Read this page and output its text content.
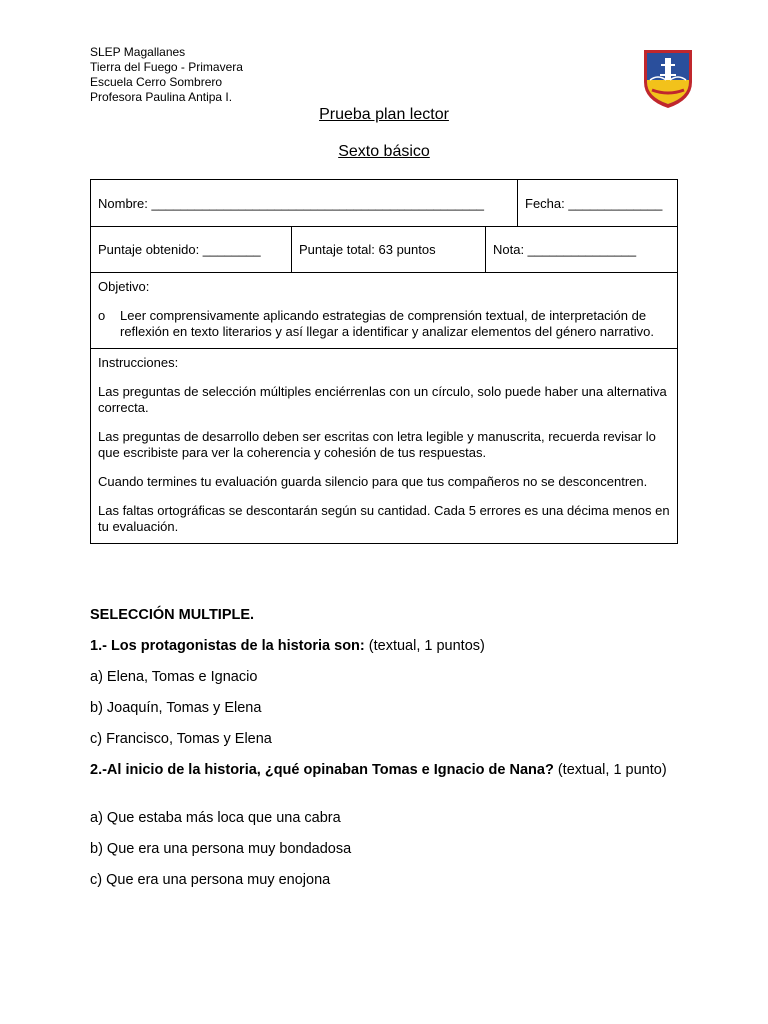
SLEP Magallanes
Tierra del Fuego - Primavera
Escuela Cerro Sombrero
Profesora Paulina Antipa I.
Prueba plan lector
Sexto básico
Nombre: ______________________________________________	Fecha: _____________
Puntaje obtenido: ________	Puntaje total: 63 puntos	Nota: _______________

Objetivo:

o	Leer comprensivamente aplicando estrategias de comprensión textual, de interpretación de reflexión en texto literarios y así llegar a identificar y analizar elementos del género narrativo.

Instrucciones:

Las preguntas de selección múltiples enciérrenlas con un círculo, solo puede haber una alternativa correcta.

Las preguntas de desarrollo deben ser escritas con letra legible y manuscrita, recuerda revisar lo que escribiste para ver la coherencia y cohesión de tus respuestas.

Cuando termines tu evaluación guarda silencio para que tus compañeros no se desconcentren.

Las faltas ortográficas se descontarán según su cantidad. Cada 5 errores es una décima menos en tu evaluación.

SELECCIÓN MULTIPLE.
1.- Los protagonistas de la historia son: (textual, 1 puntos)
a) Elena, Tomas e Ignacio
b) Joaquín, Tomas y Elena
c) Francisco, Tomas y Elena
2.-Al inicio de la historia, ¿qué opinaban Tomas e Ignacio de Nana? (textual, 1 punto)
a) Que estaba más loca que una cabra
b) Que era una persona muy bondadosa
c) Que era una persona muy enojona
